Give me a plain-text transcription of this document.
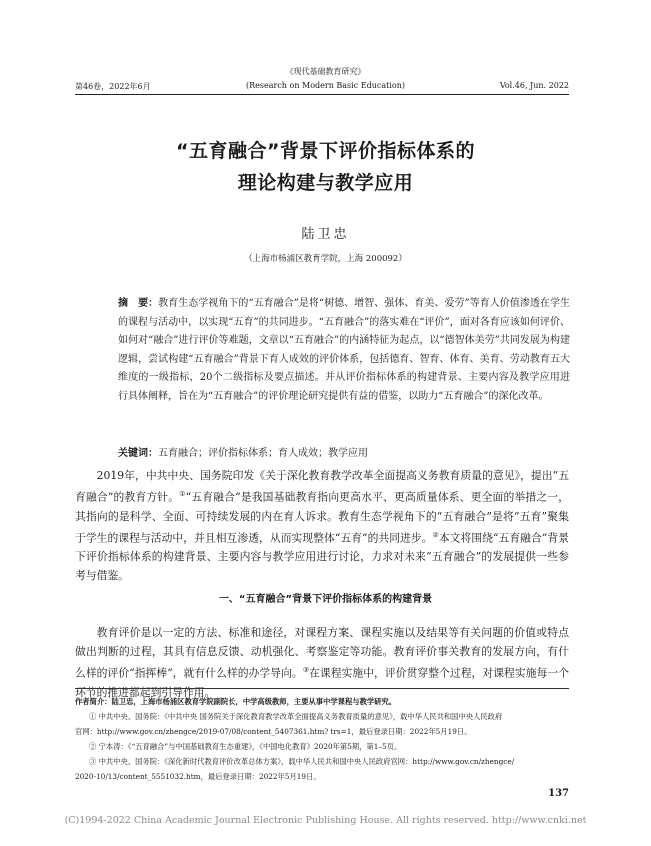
《现代基础教育研究》
(Research on Modern Basic Education)
第46卷，2022年6月	Vol.46, Jun. 2022
“五育融合”背景下评价指标体系的
理论构建与教学应用
陆卫忠
（上海市杨浦区教育学院，上海 200092）
摘　要：教育生态学视角下的“五育融合”是将“树德、增智、强体、育美、爱劳”等育人价值渗透在学生的课程与活动中，以实现“五育”的共同进步。“五育融合”的落实难在“评价”，面对各育应该如何评价、如何对“融合”进行评价等难题，文章以“五育融合”的内涵特征为起点，以“德智体美劳”共同发展为构建逻辑，尝试构建“五育融合”背景下育人成效的评价体系，包括德育、智育、体育、美育、劳动教育五大维度的一级指标，20个二级指标及要点描述。并从评价指标体系的构建背景、主要内容及教学应用进行具体阐释，旨在为“五育融合”的评价理论研究提供有益的借鉴，以助力“五育融合”的深化改革。
关键词：五育融合；评价指标体系；育人成效；教学应用

2019年，中共中央、国务院印发《关于深化教育教学改革全面提高义务教育质量的意见》，提出“五育融合”的教育方针。①“五育融合”是我国基础教育指向更高水平、更高质量体系、更全面的举措之一，其指向的是科学、全面、可持续发展的内在育人诉求。教育生态学视角下的“五育融合”是将“五育”聚集于学生的课程与活动中，并且相互渗透，从而实现整体“五育”的共同进步。②本文将围绕“五育融合”背景下评价指标体系的构建背景、主要内容与教学应用进行讨论，力求对未来“五育融合”的发展提供一些参考与借鉴。

一、“五育融合”背景下评价指标体系的构建背景

教育评价是以一定的方法、标准和途径，对课程方案、课程实施以及结果等有关问题的价值或特点做出判断的过程，其具有信息反馈、动机强化、考察鉴定等功能。教育评价事关教育的发展方向，有什么样的评价“指挥棒”，就有什么样的办学导向。③在课程实施中，评价贯穿整个过程，对课程实施每一个环节的推进都起到引导作用。

作者简介：陆卫忠，上海市杨浦区教育学院副院长，中学高级教师，主要从事中学课程与教学研究。

① 中共中央、国务院：《中共中央 国务院关于深化教育教学改革全面提高义务教育质量的意见》，载中华人民共和国中央人民政府

官网：http://www.gov.cn/zhengce/2019-07/08/content_5407361.htm? trs=1，最后登录日期：2022年5月19日。

② 宁本涛：《“五育融合”与中国基础教育生态重建》，《中国电化教育》2020年第5期，第1–5页。

③ 中共中央、国务院：《深化新时代教育评价改革总体方案》，载中华人民共和国中央人民政府官网：http://www.gov.cn/zhengce/

2020-10/13/content_5551032.htm，最后登录日期：2022年5月19日。

137
(C)1994-2022 China Academic Journal Electronic Publishing House. All rights reserved. http://www.cnki.net
